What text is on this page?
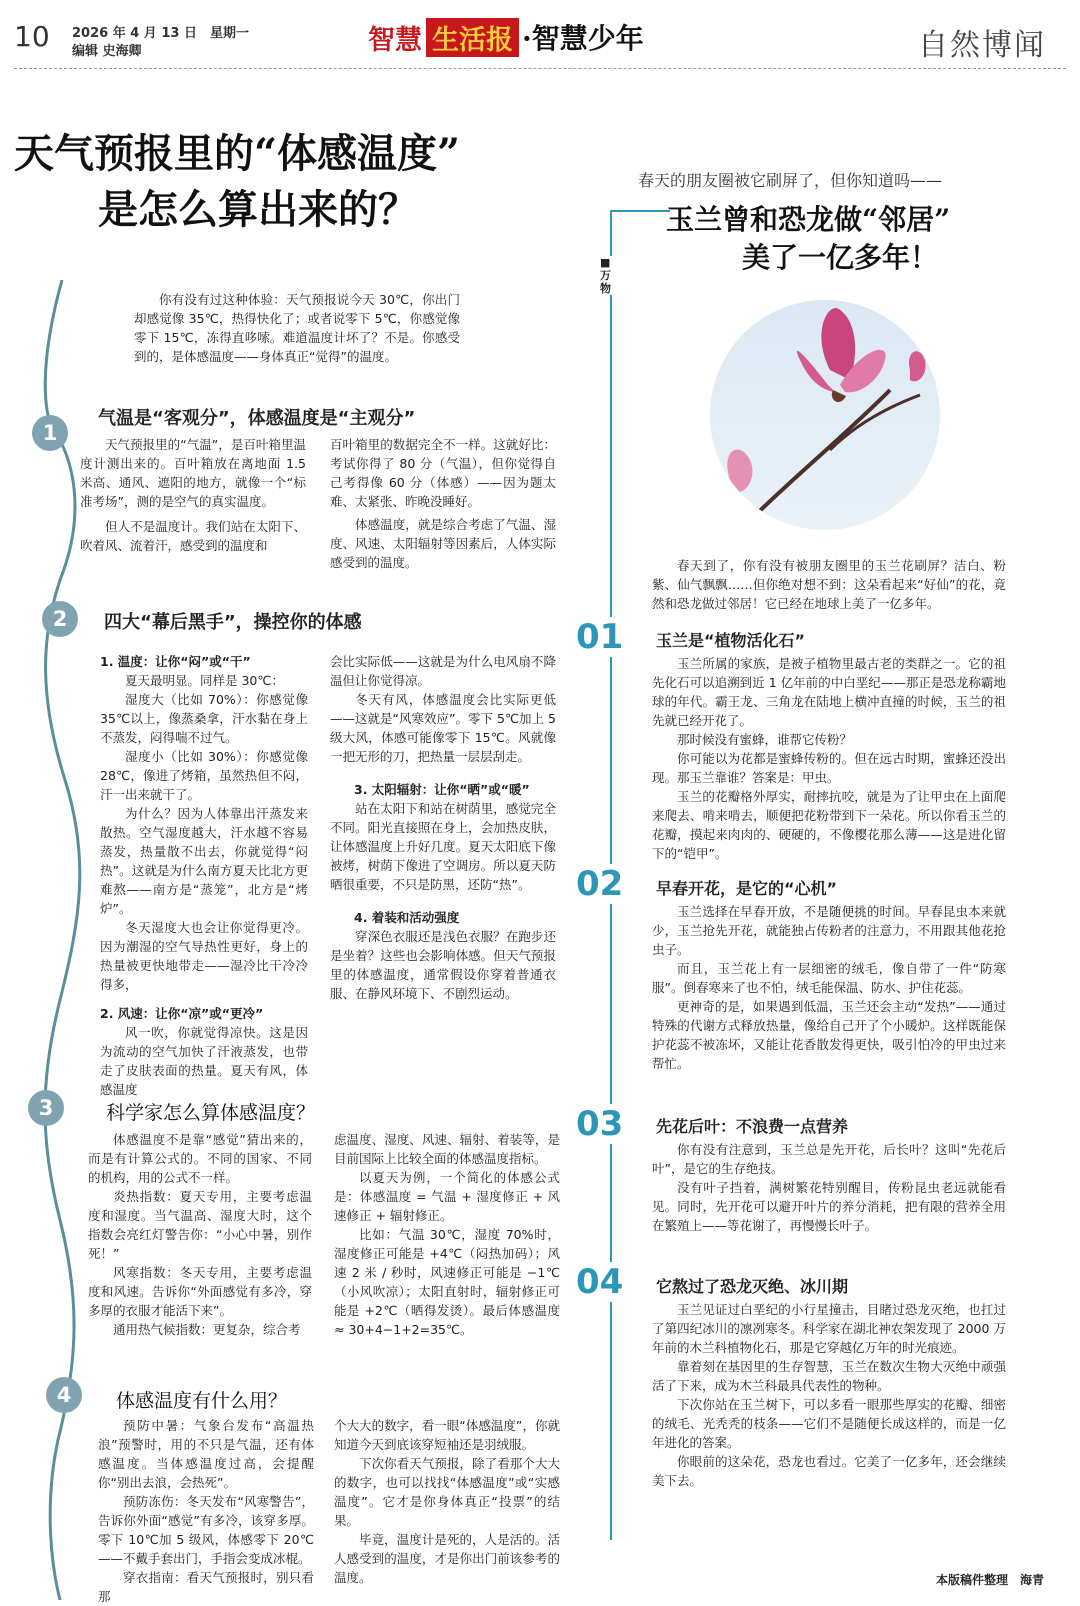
10 2026 年 4 月 13 日　星期一
编辑 史海卿	智慧 生活报 ·智慧少年	自然博闻
天气预报里的“体感温度”
是怎么算出来的？

你有没有过这种体验：天气预报说今天 30℃，你出门却感觉像 35℃，热得快化了；或者说零下 5℃，你感觉像零下 15℃，冻得直哆嗦。难道温度计坏了？不是。你感受到的，是体感温度——身体真正“觉得”的温度。

1
气温是“客观分”，体感温度是“主观分”

天气预报里的“气温”，是百叶箱里温度计测出来的。百叶箱放在离地面 1.5 米高、通风、遮阳的地方，就像一个“标准考场”，测的是空气的真实温度。

但人不是温度计。我们站在太阳下、吹着风、流着汗，感受到的温度和

百叶箱里的数据完全不一样。这就好比：考试你得了 80 分（气温），但你觉得自己考得像 60 分（体感）——因为题太难、太紧张、昨晚没睡好。

体感温度，就是综合考虑了气温、湿度、风速、太阳辐射等因素后，人体实际感受到的温度。

2	四大“幕后黑手”，操控你的体感

1. 温度：让你“闷”或“干”

夏天最明显。同样是 30℃：

湿度大（比如 70%）：你感觉像 35℃以上，像蒸桑拿，汗水黏在身上不蒸发，闷得喘不过气。

湿度小（比如 30%）：你感觉像 28℃，像进了烤箱，虽然热但不闷，汗一出来就干了。

为什么？因为人体靠出汗蒸发来散热。空气湿度越大，汗水越不容易蒸发，热量散不出去，你就觉得“闷热”。这就是为什么南方夏天比北方更难熬——南方是“蒸笼”，北方是“烤炉”。

冬天湿度大也会让你觉得更冷。因为潮湿的空气导热性更好，身上的热量被更快地带走——湿冷比干冷冷得多，

2. 风速：让你“凉”或“更冷”

风一吹，你就觉得凉快。这是因为流动的空气加快了汗液蒸发，也带走了皮肤表面的热量。夏天有风，体感温度

会比实际低——这就是为什么电风扇不降温但让你觉得凉。

冬天有风，体感温度会比实际更低——这就是“风寒效应”。零下 5℃加上 5 级大风，体感可能像零下 15℃。风就像一把无形的刀，把热量一层层刮走。

3. 太阳辐射：让你“晒”或“暖”

站在太阳下和站在树荫里，感觉完全不同。阳光直接照在身上，会加热皮肤，让体感温度上升好几度。夏天太阳底下像被烤，树荫下像进了空调房。所以夏天防晒很重要，不只是防黑，还防“热”。

4. 着装和活动强度

穿深色衣服还是浅色衣服？在跑步还是坐着？这些也会影响体感。但天气预报里的体感温度，通常假设你穿着普通衣服、在静风环境下、不剧烈运动。

3	科学家怎么算体感温度？

体感温度不是靠“感觉”猜出来的，而是有计算公式的。不同的国家、不同的机构，用的公式不一样。

炎热指数：夏天专用，主要考虑温度和湿度。当气温高、湿度大时，这个指数会亮红灯警告你：“小心中暑，别作死！”

风寒指数：冬天专用，主要考虑温度和风速。告诉你“外面感觉有多冷，穿多厚的衣服才能活下来”。

通用热气候指数：更复杂，综合考

虑温度、湿度、风速、辐射、着装等，是目前国际上比较全面的体感温度指标。

以夏天为例，一个简化的体感公式是：体感温度 = 气温 + 湿度修正 + 风速修正 + 辐射修正。

比如：气温 30℃，湿度 70%时，湿度修正可能是 +4℃（闷热加码）；风速 2 米 / 秒时，风速修正可能是 −1℃（小风吹凉）；太阳直射时，辐射修正可能是 +2℃（晒得发烫）。最后体感温度 ≈ 30+4−1+2=35℃。

4	体感温度有什么用？

预防中暑：气象台发布“高温热浪”预警时，用的不只是气温，还有体感温度。当体感温度过高，会提醒你“别出去浪，会热死”。

预防冻伤：冬天发布“风寒警告”，告诉你外面“感觉”有多冷，该穿多厚。零下 10℃加 5 级风，体感零下 20℃——不戴手套出门，手指会变成冰棍。

穿衣指南：看天气预报时，别只看那

个大大的数字，看一眼“体感温度”，你就知道今天到底该穿短袖还是羽绒服。

下次你看天气预报，除了看那个大大的数字，也可以找找“体感温度”或“实感温度”。它才是你身体真正“投票”的结果。

毕竟，温度计是死的，人是活的。活人感受到的温度，才是你出门前该参考的温度。

春天的朋友圈被它刷屏了，但你知道吗——
玉兰曾和恐龙做“邻居”
美了一亿多年！
■万物

春天到了，你有没有被朋友圈里的玉兰花刷屏？洁白、粉紫、仙气飘飘……但你绝对想不到：这朵看起来“好仙”的花，竟然和恐龙做过邻居！它已经在地球上美了一亿多年。

01 玉兰是“植物活化石”

玉兰所属的家族，是被子植物里最古老的类群之一。它的祖先化石可以追溯到近 1 亿年前的中白垩纪——那正是恐龙称霸地球的年代。霸王龙、三角龙在陆地上横冲直撞的时候，玉兰的祖先就已经开花了。

那时候没有蜜蜂，谁帮它传粉？

你可能以为花都是蜜蜂传粉的。但在远古时期，蜜蜂还没出现。那玉兰靠谁？答案是：甲虫。

玉兰的花瓣格外厚实，耐摔抗咬，就是为了让甲虫在上面爬来爬去、啃来啃去，顺便把花粉带到下一朵花。所以你看玉兰的花瓣，摸起来肉肉的、硬硬的，不像樱花那么薄——这是进化留下的“铠甲”。

02 早春开花，是它的“心机”

玉兰选择在早春开放，不是随便挑的时间。早春昆虫本来就少，玉兰抢先开花，就能独占传粉者的注意力，不用跟其他花抢虫子。

而且，玉兰花上有一层细密的绒毛，像自带了一件“防寒服”。倒春寒来了也不怕，绒毛能保温、防水、护住花蕊。

更神奇的是，如果遇到低温，玉兰还会主动“发热”——通过特殊的代谢方式释放热量，像给自己开了个小暖炉。这样既能保护花蕊不被冻坏，又能让花香散发得更快，吸引怕冷的甲虫过来帮忙。

03 先花后叶：不浪费一点营养

你有没有注意到，玉兰总是先开花，后长叶？这叫“先花后叶”，是它的生存绝技。

没有叶子挡着，满树繁花特别醒目，传粉昆虫老远就能看见。同时，先开花可以避开叶片的养分消耗，把有限的营养全用在繁殖上——等花谢了，再慢慢长叶子。

04 它熬过了恐龙灭绝、冰川期

玉兰见证过白垩纪的小行星撞击，目睹过恐龙灭绝，也扛过了第四纪冰川的凛冽寒冬。科学家在湖北神农架发现了 2000 万年前的木兰科植物化石，那是它穿越亿万年的时光痕迹。

靠着刻在基因里的生存智慧，玉兰在数次生物大灭绝中顽强活了下来，成为木兰科最具代表性的物种。

下次你站在玉兰树下，可以多看一眼那些厚实的花瓣、细密的绒毛、光秃秃的枝条——它们不是随便长成这样的，而是一亿年进化的答案。

你眼前的这朵花，恐龙也看过。它美了一亿多年，还会继续美下去。

本版稿件整理　海青
